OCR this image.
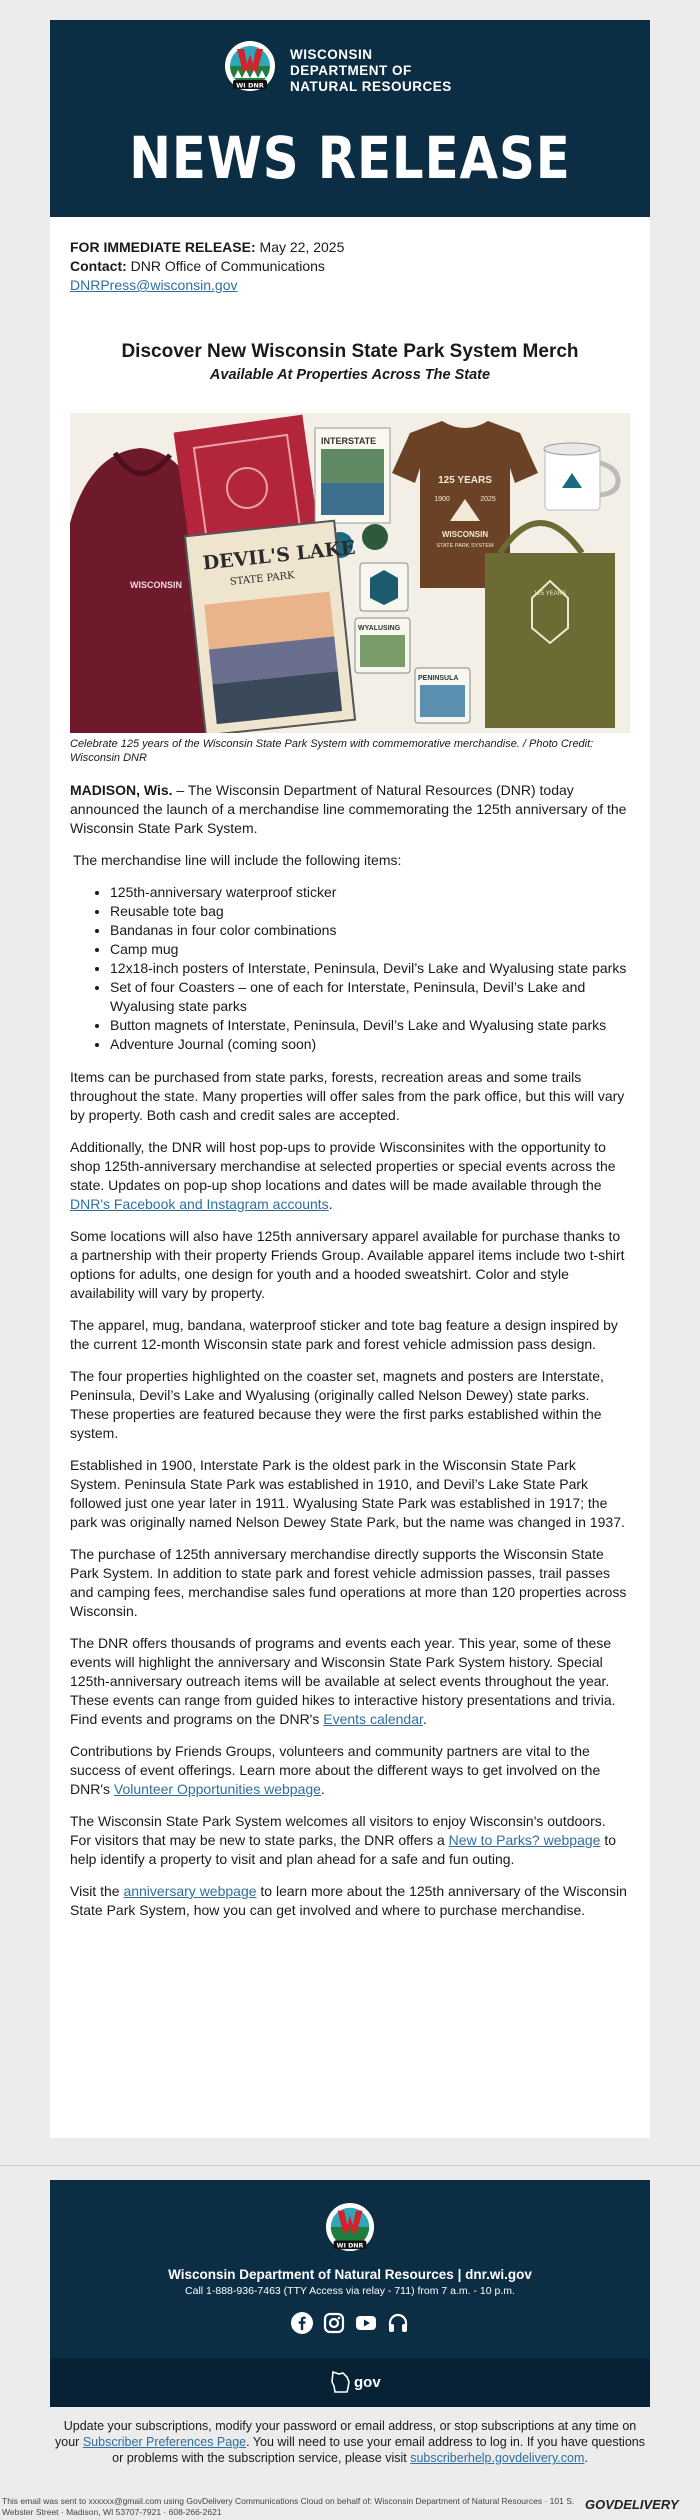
WI DNR
WISCONSIN
DEPARTMENT OF
NATURAL RESOURCES
NEWS RELEASE
FOR IMMEDIATE RELEASE: May 22, 2025
Contact: DNR Office of Communications
DNRPress@wisconsin.gov
Discover New Wisconsin State Park System Merch
Available At Properties Across The State
WISCONSIN
INTERSTATE
DEVIL'S LAKE
STATE PARK
WYALUSING
PENINSULA
125 YEARS
1900	2025
WISCONSIN
STATE PARK SYSTEM
125 YEARS
Celebrate 125 years of the Wisconsin State Park System with commemorative merchandise. / Photo Credit: Wisconsin DNR

MADISON, Wis. – The Wisconsin Department of Natural Resources (DNR) today announced the launch of a merchandise line commemorating the 125th anniversary of the Wisconsin State Park System.

The merchandise line will include the following items:

• 125th-anniversary waterproof sticker
• Reusable tote bag
• Bandanas in four color combinations
• Camp mug
• 12x18-inch posters of Interstate, Peninsula, Devil’s Lake and Wyalusing state parks
• Set of four Coasters – one of each for Interstate, Peninsula, Devil’s Lake and Wyalusing state parks
• Button magnets of Interstate, Peninsula, Devil’s Lake and Wyalusing state parks
• Adventure Journal (coming soon)

Items can be purchased from state parks, forests, recreation areas and some trails throughout the state. Many properties will offer sales from the park office, but this will vary by property. Both cash and credit sales are accepted.

Additionally, the DNR will host pop-ups to provide Wisconsinites with the opportunity to shop 125th-anniversary merchandise at selected properties or special events across the state. Updates on pop-up shop locations and dates will be made available through the DNR's Facebook and Instagram accounts.

Some locations will also have 125th anniversary apparel available for purchase thanks to a partnership with their property Friends Group. Available apparel items include two t-shirt options for adults, one design for youth and a hooded sweatshirt. Color and style availability will vary by property.

The apparel, mug, bandana, waterproof sticker and tote bag feature a design inspired by the current 12-month Wisconsin state park and forest vehicle admission pass design.

The four properties highlighted on the coaster set, magnets and posters are Interstate, Peninsula, Devil’s Lake and Wyalusing (originally called Nelson Dewey) state parks. These properties are featured because they were the first parks established within the system.

Established in 1900, Interstate Park is the oldest park in the Wisconsin State Park System. Peninsula State Park was established in 1910, and Devil’s Lake State Park followed just one year later in 1911. Wyalusing State Park was established in 1917; the park was originally named Nelson Dewey State Park, but the name was changed in 1937.

The purchase of 125th anniversary merchandise directly supports the Wisconsin State Park System. In addition to state park and forest vehicle admission passes, trail passes and camping fees, merchandise sales fund operations at more than 120 properties across Wisconsin.

The DNR offers thousands of programs and events each year. This year, some of these events will highlight the anniversary and Wisconsin State Park System history. Special 125th-anniversary outreach items will be available at select events throughout the year. These events can range from guided hikes to interactive history presentations and trivia. Find events and programs on the DNR's Events calendar.

Contributions by Friends Groups, volunteers and community partners are vital to the success of event offerings. Learn more about the different ways to get involved on the DNR's Volunteer Opportunities webpage.

The Wisconsin State Park System welcomes all visitors to enjoy Wisconsin's outdoors. For visitors that may be new to state parks, the DNR offers a New to Parks? webpage to help identify a property to visit and plan ahead for a safe and fun outing.

Visit the anniversary webpage to learn more about the 125th anniversary of the Wisconsin State Park System, how you can get involved and where to purchase merchandise.

WI DNR
Wisconsin Department of Natural Resources | dnr.wi.gov
Call 1-888-936-7463 (TTY Access via relay - 711) from 7 a.m. - 10 p.m.
gov
Update your subscriptions, modify your password or email address, or stop subscriptions at any time on your Subscriber Preferences Page. You will need to use your email address to log in. If you have questions or problems with the subscription service, please visit subscriberhelp.govdelivery.com.
This email was sent to xxxxxx@gmail.com using GovDelivery Communications Cloud on behalf of: Wisconsin Department of Natural Resources · 101 S. Webster Street · Madison, WI 53707-7921 · 608-266-2621	GOVDELIVERY
